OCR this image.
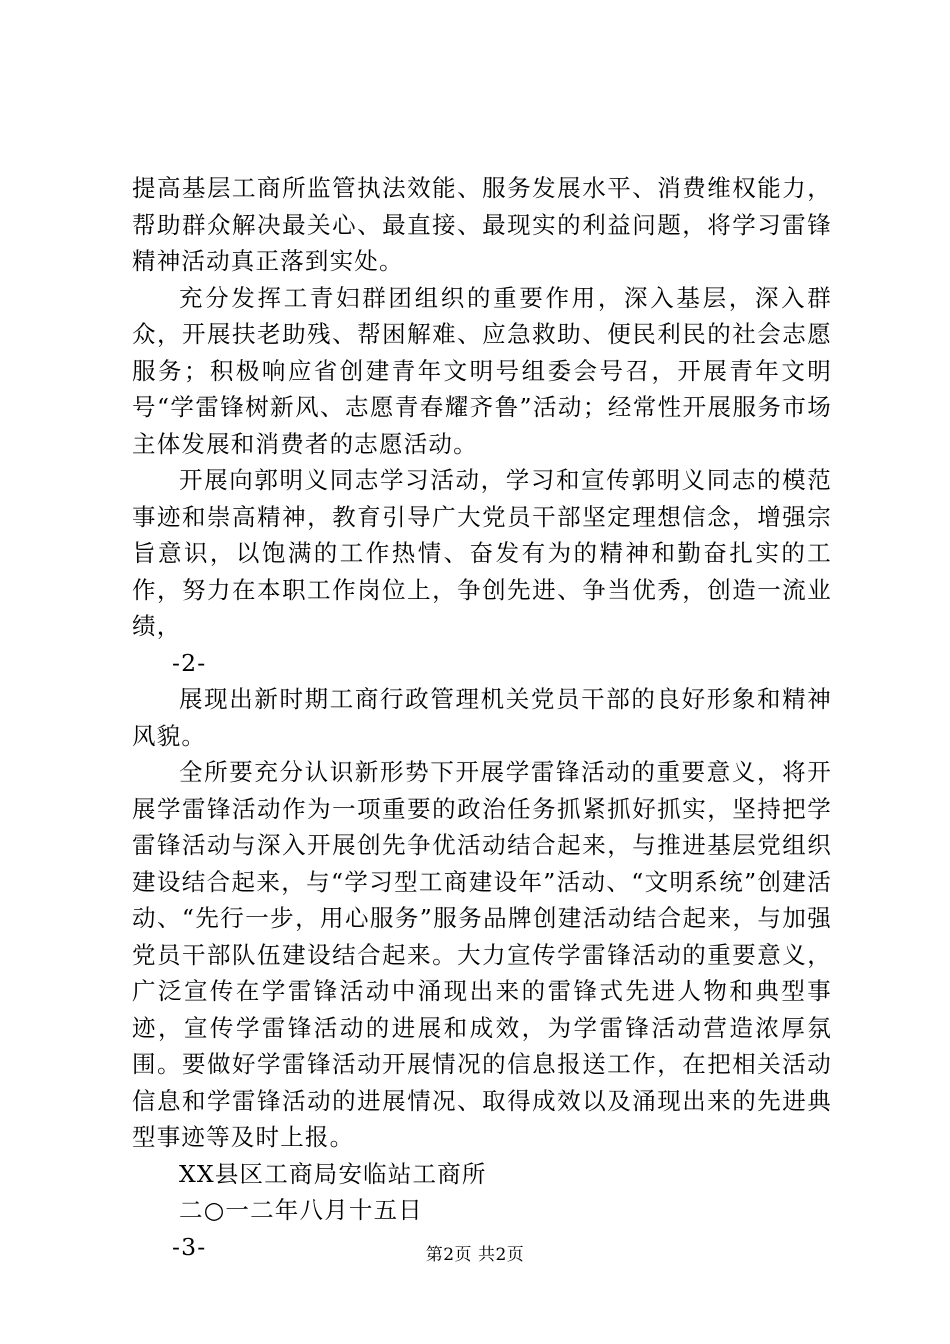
提高基层工商所监管执法效能、服务发展水平、消费维权能力，帮助群众解决最关心、最直接、最现实的利益问题，将学习雷锋精神活动真正落到实处。

充分发挥工青妇群团组织的重要作用，深入基层，深入群众，开展扶老助残、帮困解难、应急救助、便民利民的社会志愿服务；积极响应省创建青年文明号组委会号召，开展青年文明号“学雷锋树新风、志愿青春耀齐鲁”活动；经常性开展服务市场主体发展和消费者的志愿活动。

开展向郭明义同志学习活动，学习和宣传郭明义同志的模范事迹和崇高精神，教育引导广大党员干部坚定理想信念，增强宗旨意识，以饱满的工作热情、奋发有为的精神和勤奋扎实的工作，努力在本职工作岗位上，争创先进、争当优秀，创造一流业绩，

-2-

展现出新时期工商行政管理机关党员干部的良好形象和精神风貌。

全所要充分认识新形势下开展学雷锋活动的重要意义，将开展学雷锋活动作为一项重要的政治任务抓紧抓好抓实，坚持把学雷锋活动与深入开展创先争优活动结合起来，与推进基层党组织建设结合起来，与“学习型工商建设年”活动、“文明系统”创建活动、“先行一步，用心服务”服务品牌创建活动结合起来，与加强党员干部队伍建设结合起来。大力宣传学雷锋活动的重要意义，广泛宣传在学雷锋活动中涌现出来的雷锋式先进人物和典型事迹，宣传学雷锋活动的进展和成效，为学雷锋活动营造浓厚氛围。要做好学雷锋活动开展情况的信息报送工作，在把相关活动信息和学雷锋活动的进展情况、取得成效以及涌现出来的先进典型事迹等及时上报。

XX县区工商局安临站工商所

二○一二年八月十五日

-3-	第2页 共2页
